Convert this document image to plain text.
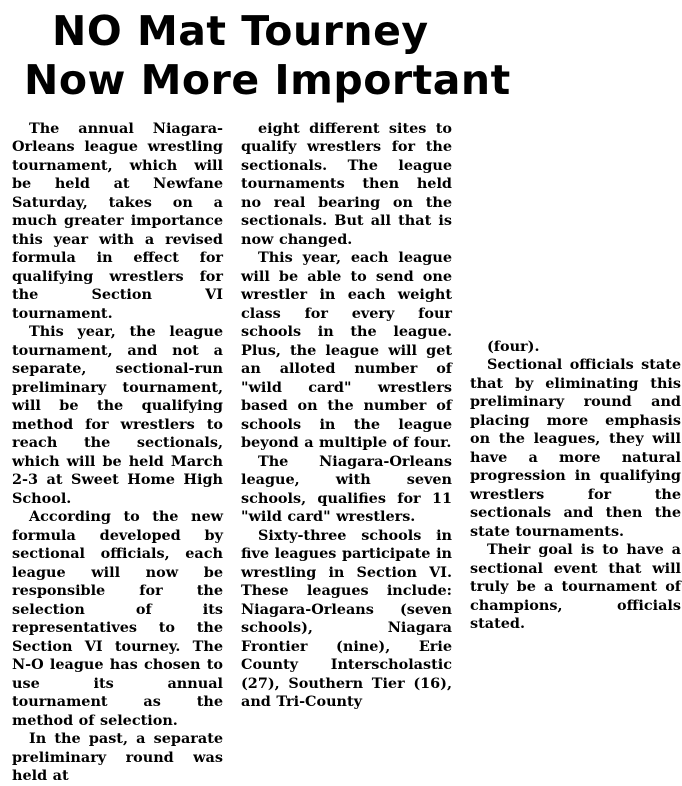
NO Mat Tourney
Now More Important

The annual Niagara-Orleans league wrestling tournament, which will be held at Newfane Saturday, takes on a much greater importance this year with a revised formula in effect for qualifying wrestlers for the Section VI tournament.

This year, the league tournament, and not a separate, sectional-run preliminary tournament, will be the qualifying method for wrestlers to reach the sectionals, which will be held March 2-3 at Sweet Home High School.

According to the new formula developed by sectional officials, each league will now be responsible for the selection of its representatives to the Section VI tourney. The N-O league has chosen to use its annual tournament as the method of selection.

In the past, a separate preliminary round was held at

eight different sites to qualify wrestlers for the sectionals. The league tournaments then held no real bearing on the sectionals. But all that is now changed.

This year, each league will be able to send one wrestler in each weight class for every four schools in the league. Plus, the league will get an alloted number of "wild card" wrestlers based on the number of schools in the league beyond a multiple of four.

The Niagara-Orleans league, with seven schools, qualifies for 11 "wild card" wrestlers.

Sixty-three schools in five leagues participate in wrestling in Section VI. These leagues include: Niagara-Orleans (seven schools), Niagara Frontier (nine), Erie County Interscholastic (27), Southern Tier (16), and Tri-County

(four).

Sectional officials state that by eliminating this preliminary round and placing more emphasis on the leagues, they will have a more natural progression in qualifying wrestlers for the sectionals and then the state tournaments.

Their goal is to have a sectional event that will truly be a tournament of champions, officials stated.
